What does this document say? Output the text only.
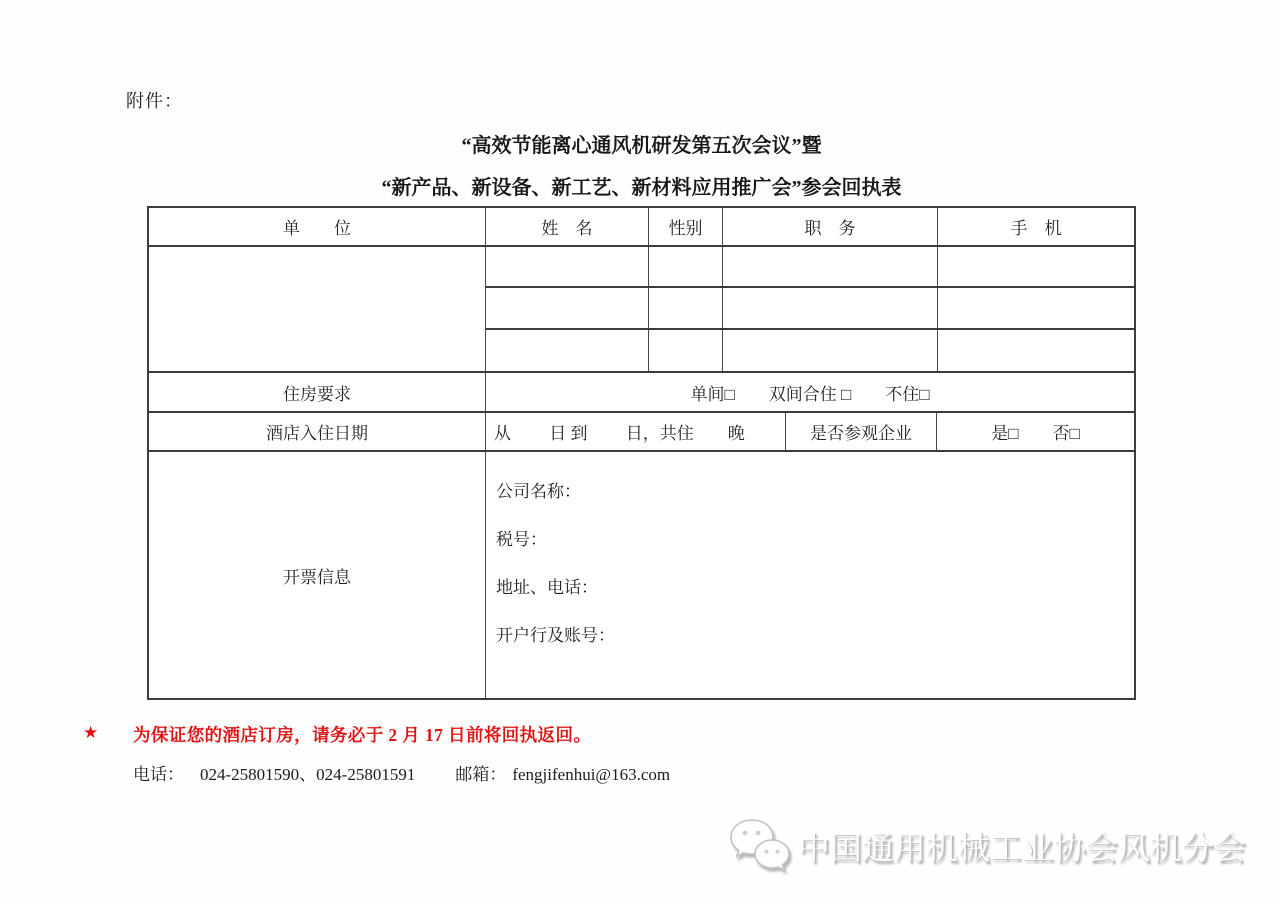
附件：
“高效节能离心通风机研发第五次会议”暨
“新产品、新设备、新工艺、新材料应用推广会”参会回执表
单　　位	姓　名	性别	职　务	手　机
住房要求	单间□　　双间合住 □　　不住□
酒店入住日期	从　　 日 到　　 日，共住　　晚	是否参观企业	是□　　否□
开票信息
公司名称：
税号：
地址、电话：
开户行及账号：
★ 为保证您的酒店订房，请务必于 2 月 17 日前将回执返回。
电话： 024-25801590、024-25801591 邮箱： fengjifenhui@163.com
中国通用机械工业协会风机分会
